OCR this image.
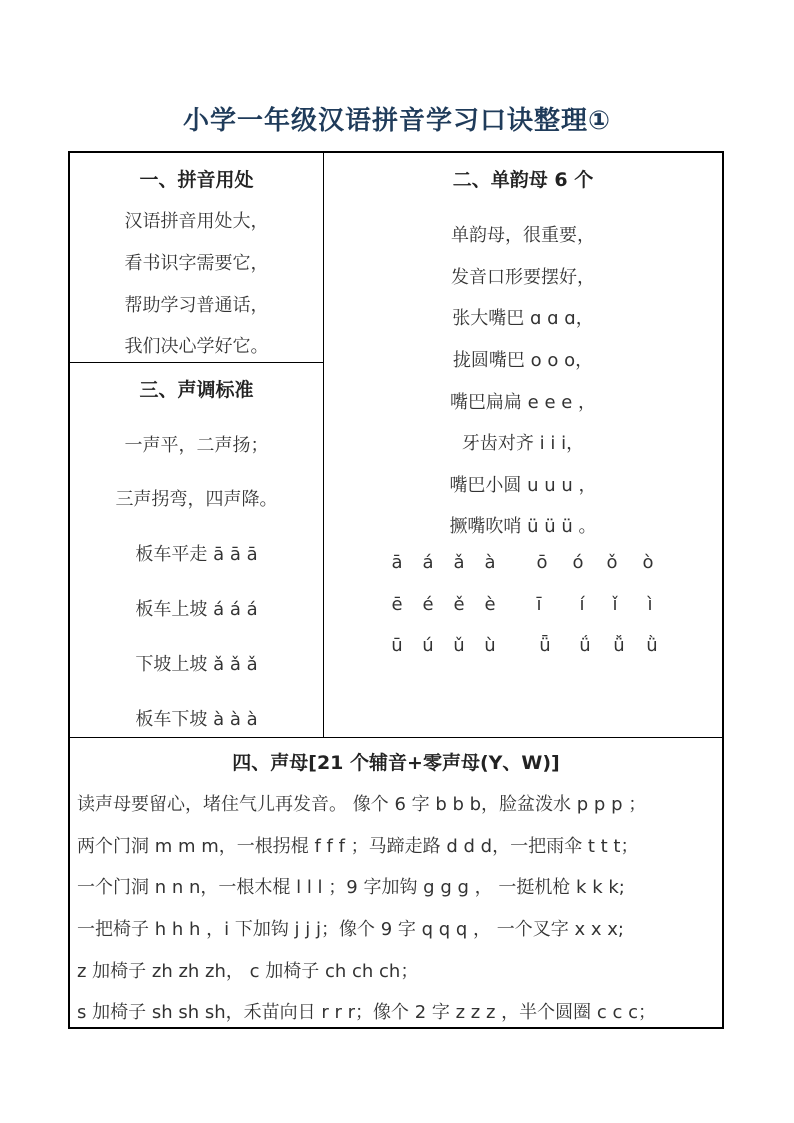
小学一年级汉语拼音学习口诀整理①
一、拼音用处
汉语拼音用处大，
看书识字需要它，
帮助学习普通话，
我们决心学好它。
三、声调标准
一声平，二声扬；
三声拐弯，四声降。
板车平走 ā ā ā
板车上坡 á á á
下坡上坡 ǎ ǎ ǎ
板车下坡 à à à
二、单韵母 6 个
单韵母，很重要，
发音口形要摆好，
张大嘴巴 ɑ ɑ ɑ，
拢圆嘴巴 o o o，
嘴巴扁扁 e e e ，
牙齿对齐 i i i，
嘴巴小圆 u u u ，
撅嘴吹哨 ü ü ü 。
ā	á	ǎ	à	ō	ó	ǒ	ò
ē	é	ě	è	ī	í	ǐ	ì
ū	ú	ǔ	ù	ǖ	ǘ	ǚ	ǜ
四、声母[21 个辅音+零声母(Y、W)]
读声母要留心，堵住气儿再发音。 像个 6 字 b b b，脸盆泼水 p p p ；
两个门洞 m m m，一根拐棍 f f f ；马蹄走路 d d d，一把雨伞 t t t；
一个门洞 n n n，一根木棍 l l l ；9 字加钩 g g g ， 一挺机枪 k k k;
一把椅子 h h h ，i 下加钩 j j j；像个 9 字 q q q ， 一个叉字 x x x;
z 加椅子 zh zh zh， c 加椅子 ch ch ch；
s 加椅子 sh sh sh，禾苗向日 r r r；像个 2 字 z z z ，半个圆圈 c c c；
